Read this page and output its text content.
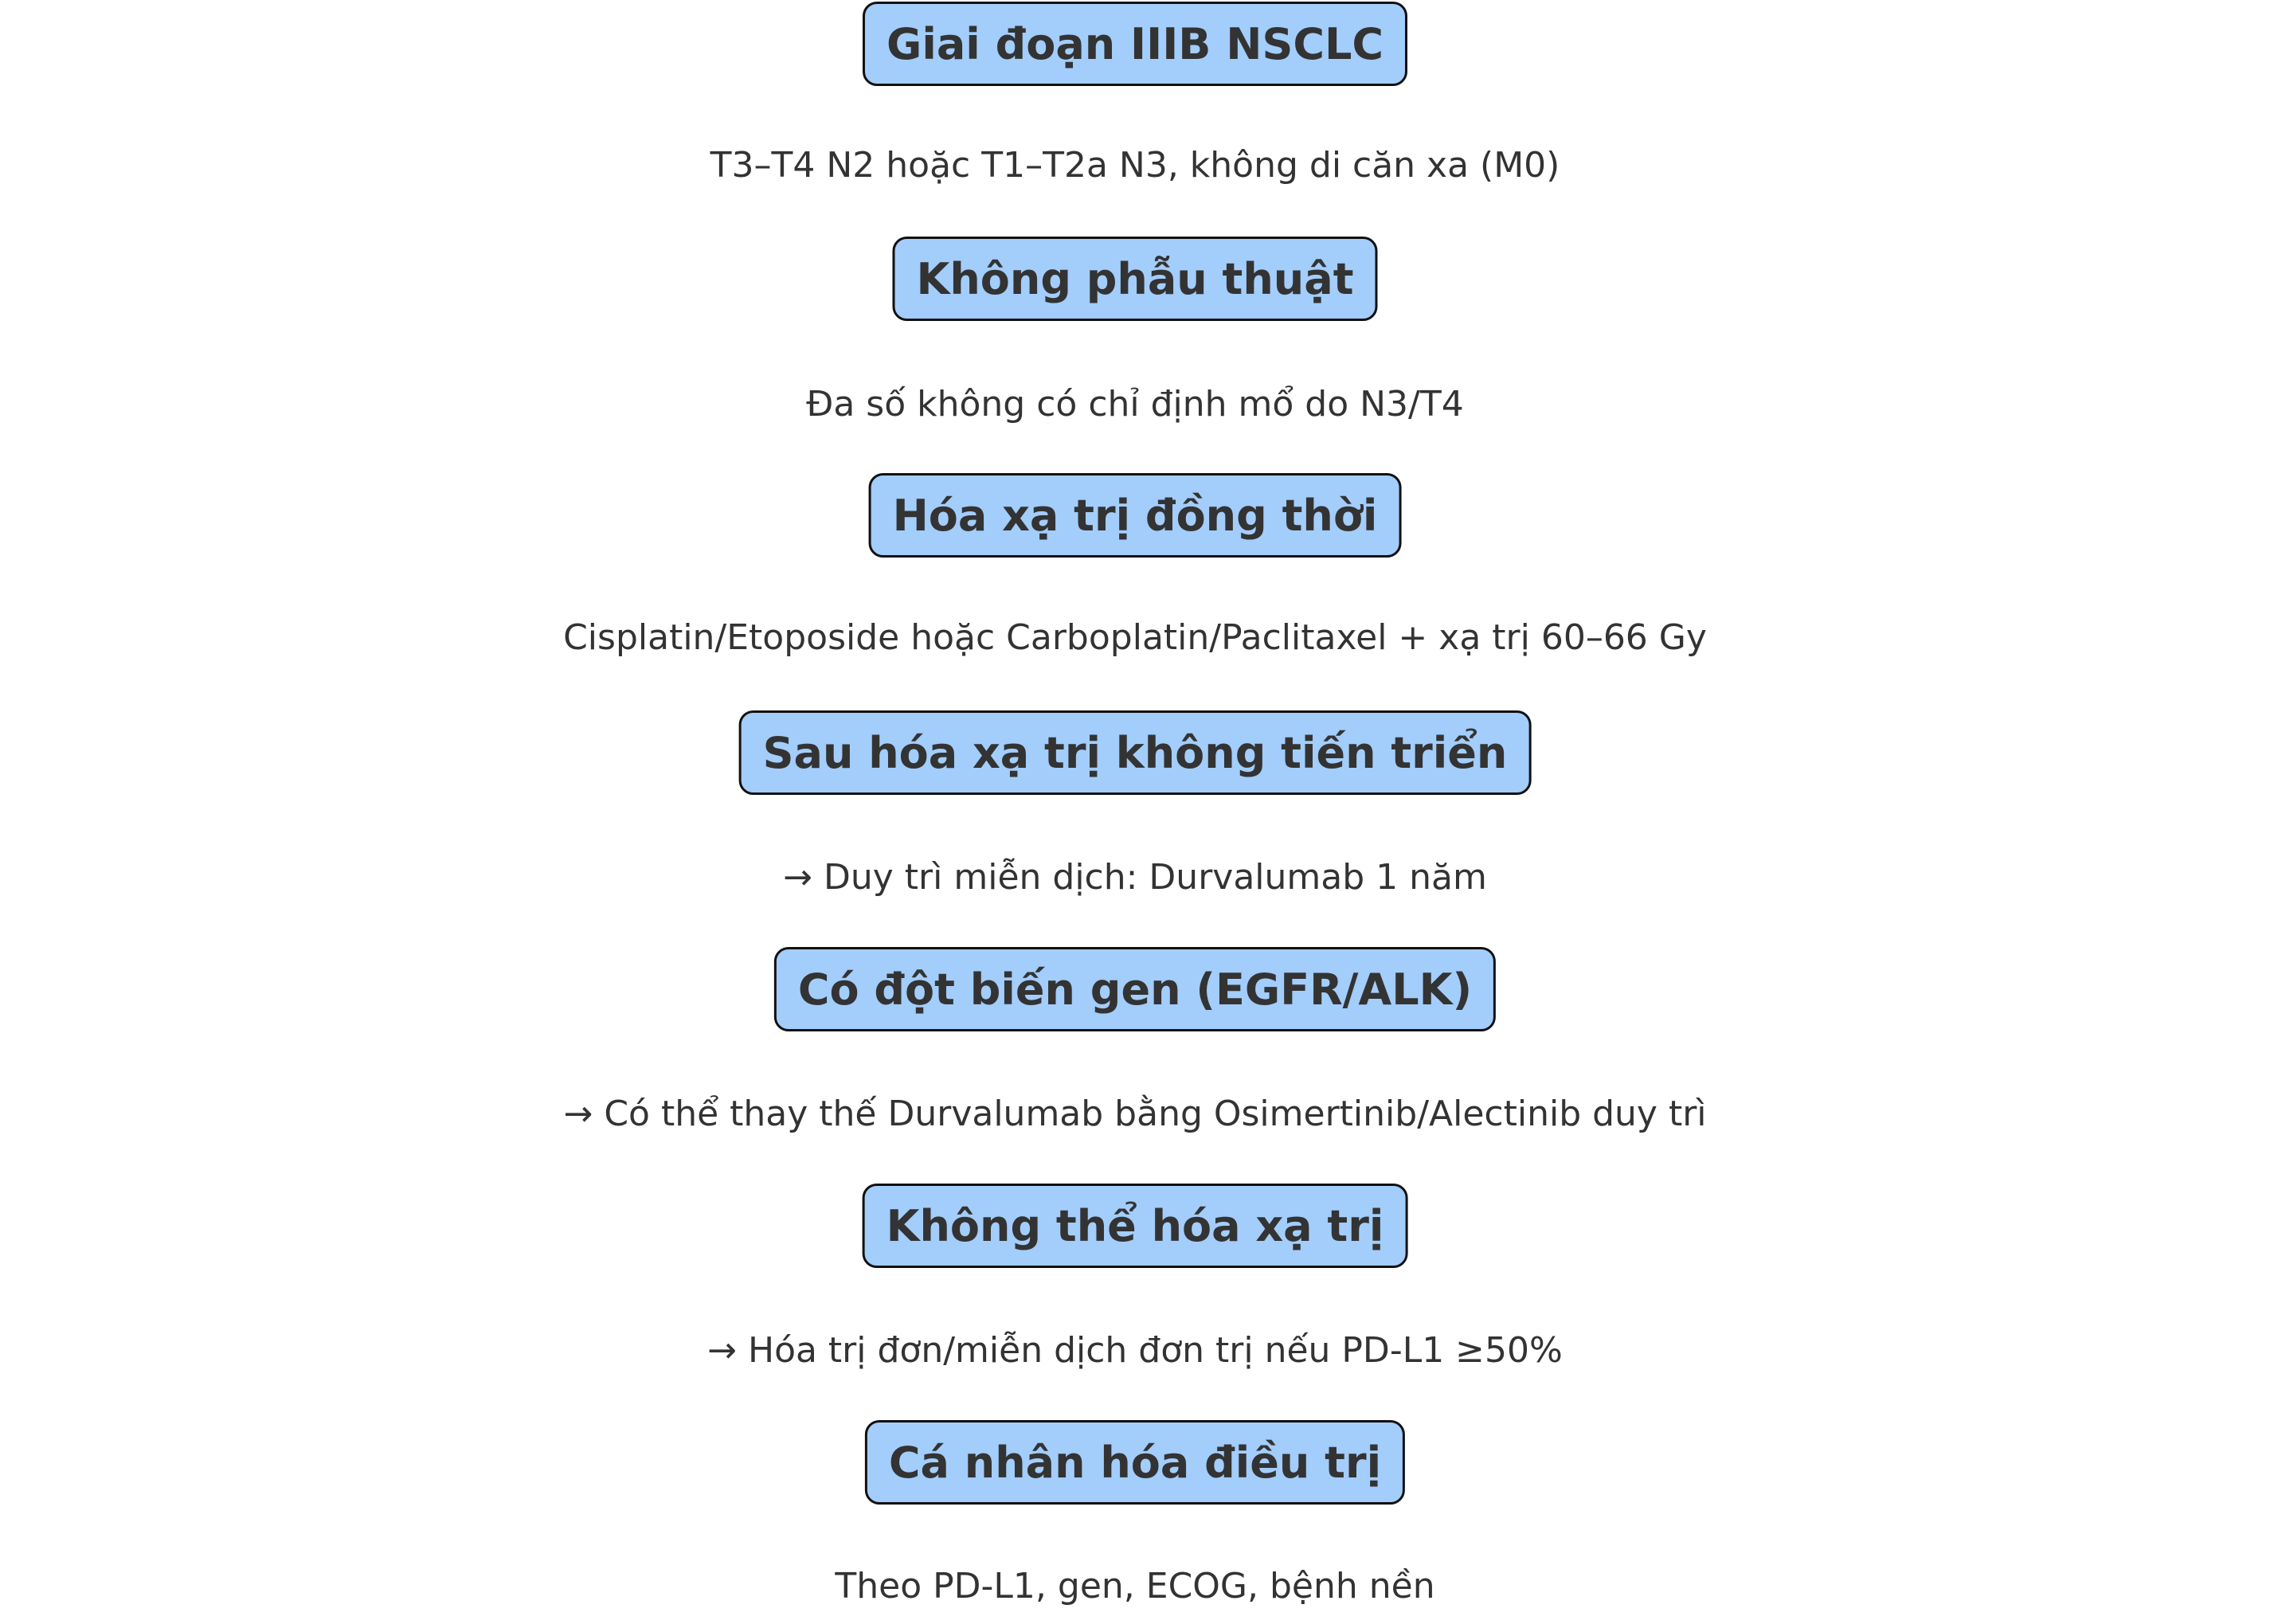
Giai đoạn IIIB NSCLC
T3–T4 N2 hoặc T1–T2a N3, không di căn xa (M0)
Không phẫu thuật
Đa số không có chỉ định mổ do N3/T4
Hóa xạ trị đồng thời
Cisplatin/Etoposide hoặc Carboplatin/Paclitaxel + xạ trị 60–66 Gy
Sau hóa xạ trị không tiến triển
→ Duy trì miễn dịch: Durvalumab 1 năm
Có đột biến gen (EGFR/ALK)
→ Có thể thay thế Durvalumab bằng Osimertinib/Alectinib duy trì
Không thể hóa xạ trị
→ Hóa trị đơn/miễn dịch đơn trị nếu PD-L1 ≥50%
Cá nhân hóa điều trị
Theo PD-L1, gen, ECOG, bệnh nền
